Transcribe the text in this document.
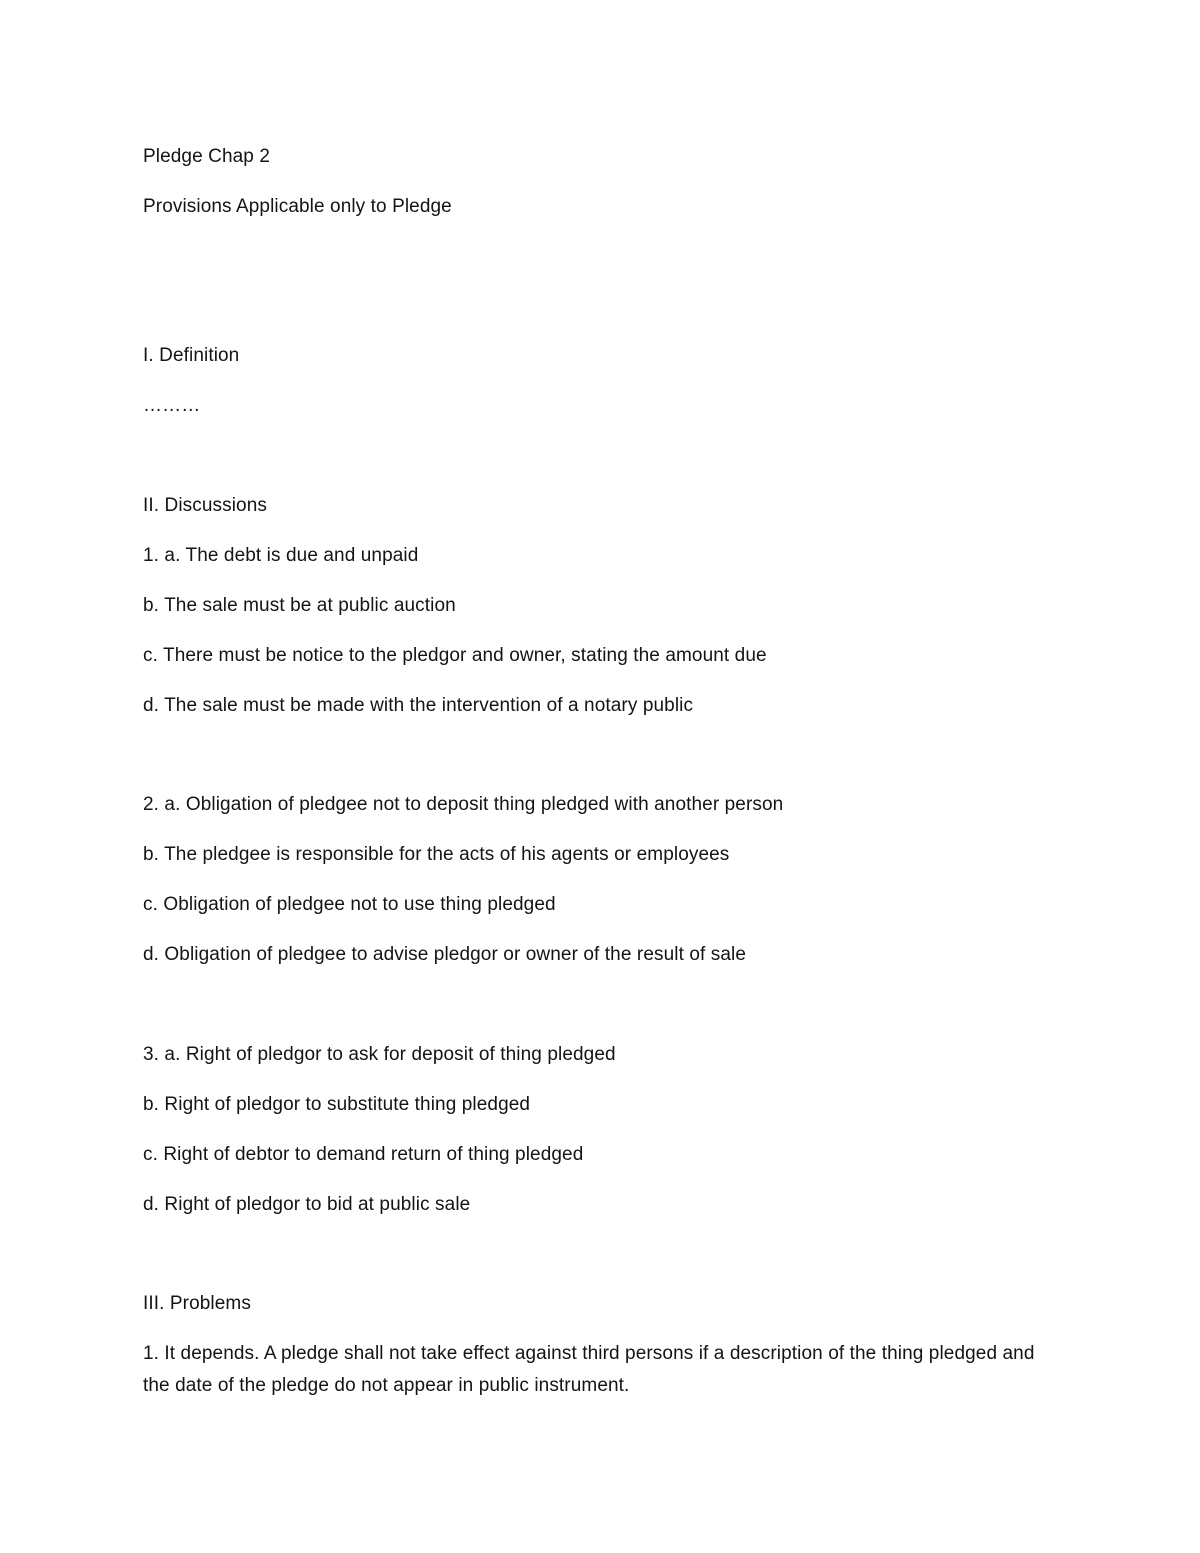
Pledge Chap 2
Provisions Applicable only to Pledge
I. Definition
………
II. Discussions
1. a. The debt is due and unpaid
b. The sale must be at public auction
c. There must be notice to the pledgor and owner, stating the amount due
d. The sale must be made with the intervention of a notary public
2. a. Obligation of pledgee not to deposit thing pledged with another person
b. The pledgee is responsible for the acts of his agents or employees
c. Obligation of pledgee not to use thing pledged
d. Obligation of pledgee to advise pledgor or owner of the result of sale
3. a. Right of pledgor to ask for deposit of thing pledged
b. Right of pledgor to substitute thing pledged
c. Right of debtor to demand return of thing pledged
d. Right of pledgor to bid at public sale
III. Problems
1. It depends. A pledge shall not take effect against third persons if a description of the thing pledged and the date of the pledge do not appear in public instrument.
